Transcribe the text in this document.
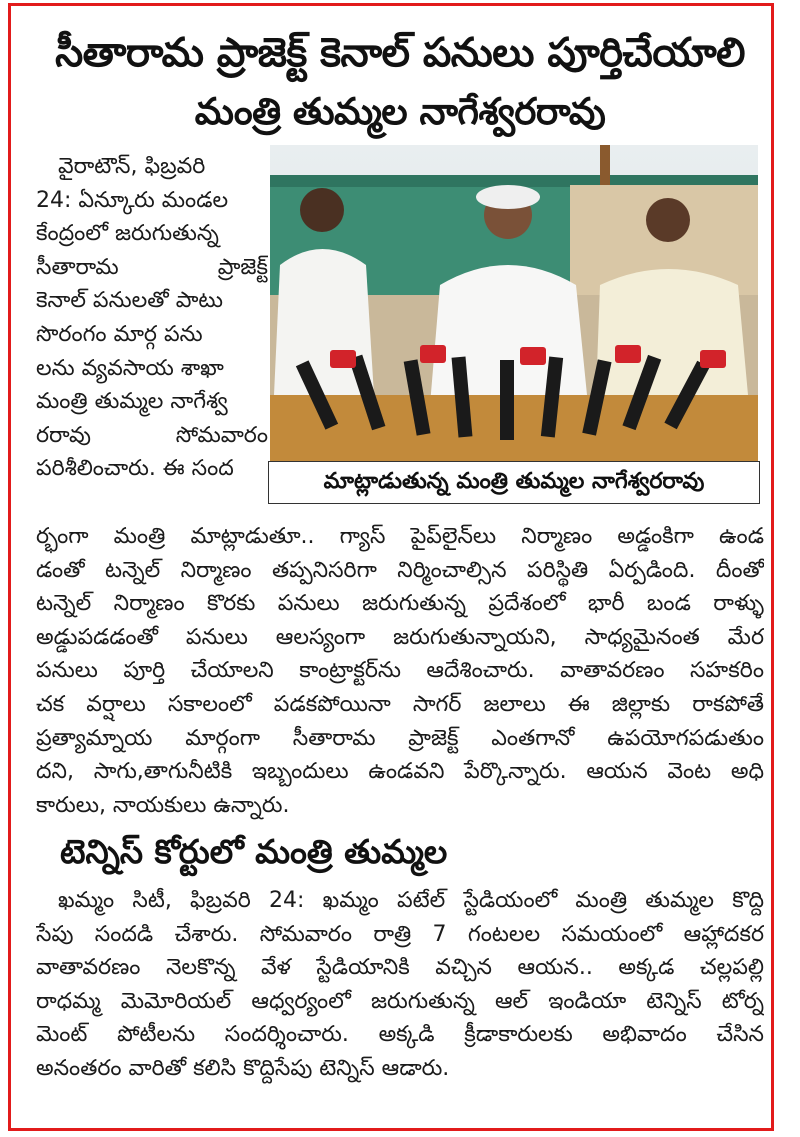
సీతారామ ప్రాజెక్ట్ కెనాల్ పనులు పూర్తిచేయాలి
మంత్రి తుమ్మల నాగేశ్వరరావు
వైరాటౌన్, ఫిబ్రవరి
24: ఏన్కూరు మండల
కేంద్రంలో జరుగుతున్న
సీతారామ ప్రాజెక్ట్
కెనాల్ పనులతో పాటు
సొరంగం మార్గ పను
లను వ్యవసాయ శాఖా
మంత్రి తుమ్మల నాగేశ్వ
రరావు సోమవారం
పరిశీలించారు. ఈ సంద
మాట్లాడుతున్న మంత్రి తుమ్మల నాగేశ్వరరావు
ర్భంగా మంత్రి మాట్లాడుతూ.. గ్యాస్ పైప్‌లైన్‌లు నిర్మాణం అడ్డంకిగా ఉండ
డంతో టన్నెల్ నిర్మాణం తప్పనిసరిగా నిర్మించాల్సిన పరిస్థితి ఏర్పడింది. దీంతో
టన్నెల్ నిర్మాణం కొరకు పనులు జరుగుతున్న ప్రదేశంలో భారీ బండ రాళ్ళు
అడ్డుపడడంతో పనులు ఆలస్యంగా జరుగుతున్నాయని, సాధ్యమైనంత మేర
పనులు పూర్తి చేయాలని కాంట్రాక్టర్‌ను ఆదేశించారు. వాతావరణం సహకరిం
చక వర్షాలు సకాలంలో పడకపోయినా సాగర్ జలాలు ఈ జిల్లాకు రాకపోతే
ప్రత్యామ్నాయ మార్గంగా సీతారామ ప్రాజెక్ట్ ఎంతగానో ఉపయోగపడుతుం
దని, సాగు,తాగునీటికి ఇబ్బందులు ఉండవని పేర్కొన్నారు. ఆయన వెంట అధి
కారులు, నాయకులు ఉన్నారు.
టెన్నిస్ కోర్టులో మంత్రి తుమ్మల
ఖమ్మం సిటీ, ఫిబ్రవరి 24: ఖమ్మం పటేల్ స్టేడియంలో మంత్రి తుమ్మల కొద్ది
సేపు సందడి చేశారు. సోమవారం రాత్రి 7 గంటలల సమయంలో ఆహ్లాదకర
వాతావరణం నెలకొన్న వేళ స్టేడియానికి వచ్చిన ఆయన.. అక్కడ చల్లపల్లి
రాధమ్మ మెమోరియల్ ఆధ్వర్యంలో జరుగుతున్న ఆల్ ఇండియా టెన్నిస్ టోర్న
మెంట్ పోటీలను సందర్శించారు. అక్కడి క్రీడాకారులకు అభివాదం చేసిన
అనంతరం వారితో కలిసి కొద్దిసేపు టెన్నిస్ ఆడారు.
